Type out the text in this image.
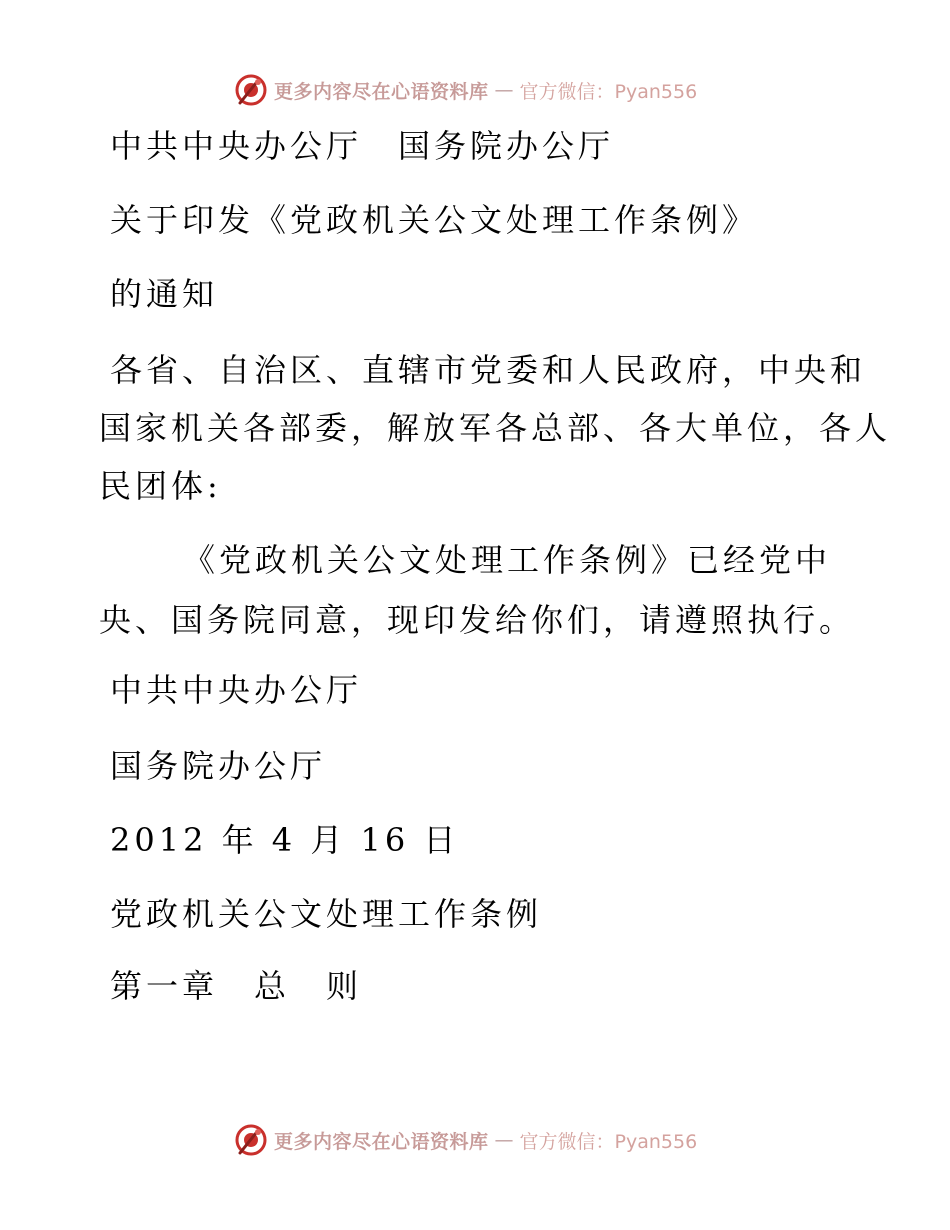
更多内容尽在心语资料库 — 官方微信：Pyan556
中共中央办公厅　国务院办公厅
关于印发《党政机关公文处理工作条例》
的通知
各省、自治区、直辖市党委和人民政府，中央和
国家机关各部委，解放军各总部、各大单位，各人
民团体:
《党政机关公文处理工作条例》已经党中
央、国务院同意，现印发给你们，请遵照执行。
中共中央办公厅
国务院办公厅
2012 年 4 月 16 日
党政机关公文处理工作条例
第一章　总　则
更多内容尽在心语资料库 — 官方微信：Pyan556
